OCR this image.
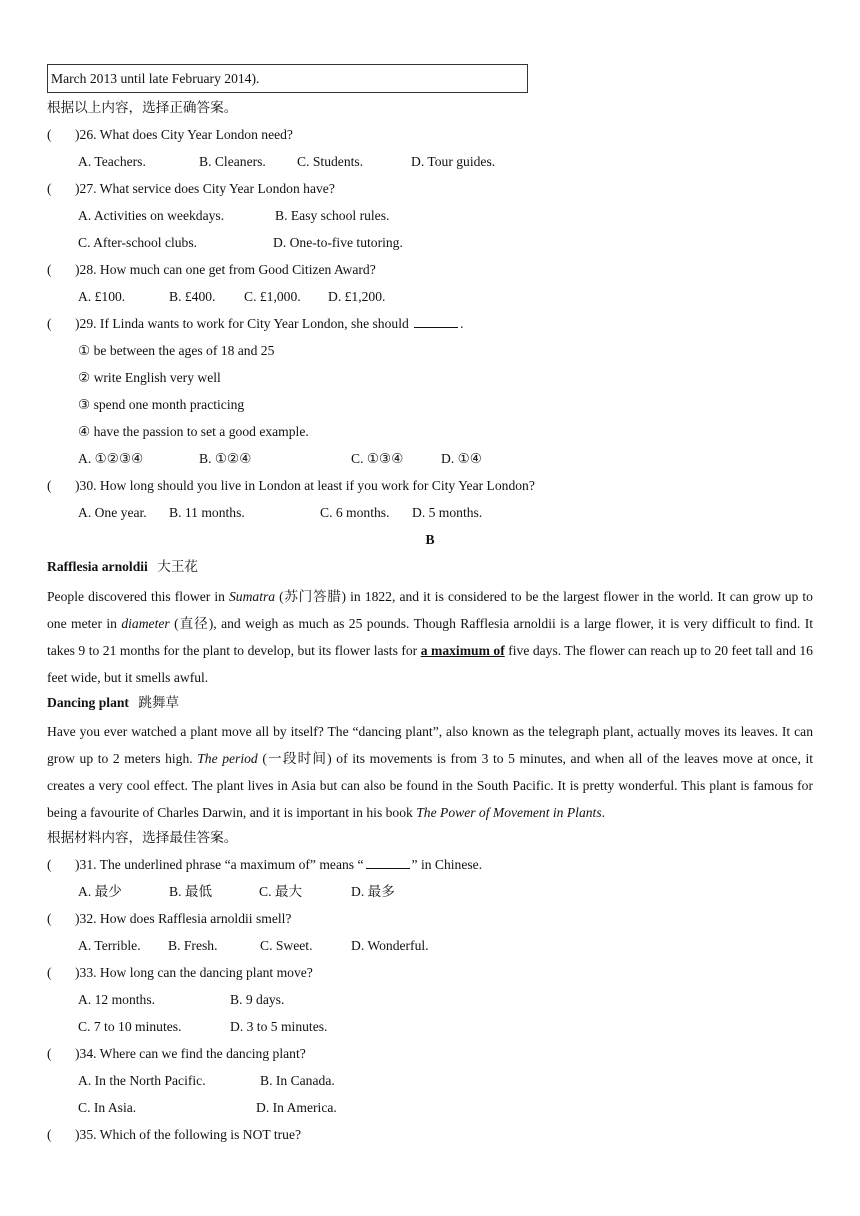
March 2013 until late February 2014).
根据以上内容，选择正确答案。
( )26. What does City Year London need?
A. Teachers.	B. Cleaners. C. Students.	D. Tour guides.
( )27. What service does City Year London have?
A. Activities on weekdays.	B. Easy school rules.
C. After-school clubs.	D. One-to-five tutoring.
( )28. How much can one get from Good Citizen Award?
A. £100.	B. £400. C. £1,000. D. £1,200.
( )29. If Linda wants to work for City Year London, she should	.
① be between the ages of 18 and 25
② write English very well
③ spend one month practicing
④ have the passion to set a good example.
A. ①②③④	B. ①②④	C. ①③④	D. ①④
( )30. How long should you live in London at least if you work for City Year London?
A. One year. B. 11 months.	C. 6 months. D. 5 months.
B
Rafflesia arnoldii 大王花
People discovered this flower in Sumatra (苏门答腊) in 1822, and it is considered to be the largest flower in the world. It can grow up to one meter in diameter (直径), and weigh as much as 25 pounds. Though Rafflesia arnoldii is a large flower, it is very difficult to find. It takes 9 to 21 months for the plant to develop, but its flower lasts for a maximum of five days. The flower can reach up to 20 feet tall and 16 feet wide, but it smells awful.
Dancing plant 跳舞草
Have you ever watched a plant move all by itself? The “dancing plant”, also known as the telegraph plant, actually moves its leaves. It can grow up to 2 meters high. The period (一段时间) of its movements is from 3 to 5 minutes, and when all of the leaves move at once, it creates a very cool effect. The plant lives in Asia but can also be found in the South Pacific. It is pretty wonderful. This plant is famous for being a favourite of Charles Darwin, and it is important in his book The Power of Movement in Plants.
根据材料内容，选择最佳答案。
( )31. The underlined phrase “a maximum of” means “	” in Chinese.
A. 最少	B. 最低	C. 最大	D. 最多
( )32. How does Rafflesia arnoldii smell?
A. Terrible. B. Fresh.	C. Sweet.	D. Wonderful.
( )33. How long can the dancing plant move?
A. 12 months.	B. 9 days.
C. 7 to 10 minutes.	D. 3 to 5 minutes.
( )34. Where can we find the dancing plant?
A. In the North Pacific.	B. In Canada.
C. In Asia.	D. In America.
( )35. Which of the following is NOT true?
